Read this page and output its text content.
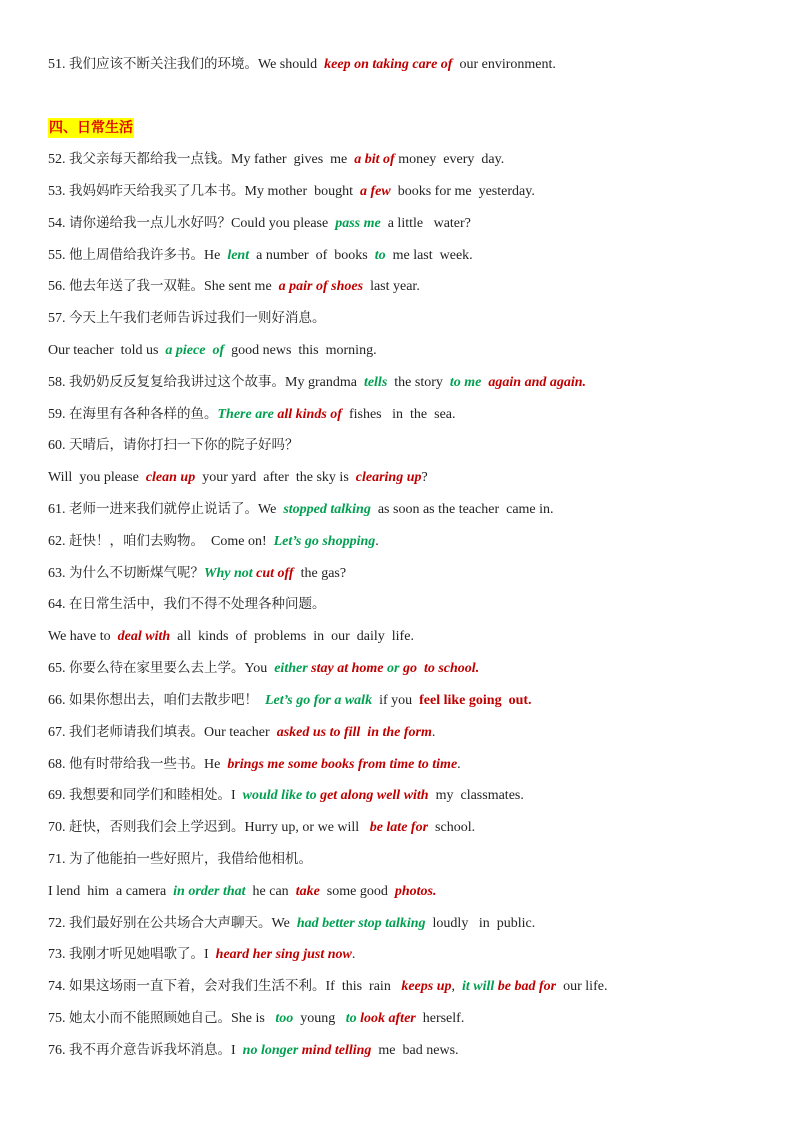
四、日常生活
51. 我们应该不断关注我们的环境。We should  keep on taking care of  our environment.
52. 我父亲每天都给我一点钱。My father  gives  me  a bit of money  every  day.
53. 我妈妈昨天给我买了几本书。My mother  bought  a few  books for me  yesterday.
54. 请你递给我一点儿水好吗？Could you please  pass me  a little   water?
55. 他上周借给我许多书。He  lent  a number  of  books  to  me last  week.
56. 他去年送了我一双鞋。She sent me  a pair of shoes  last year.
57. 今天上午我们老师告诉过我们一则好消息。
Our teacher  told us  a piece  of  good news  this  morning.
58. 我奶奶反反复复给我讲过这个故事。My grandma  tells  the story  to me again and again.
59. 在海里有各种各样的鱼。There are all kinds of  fishes   in  the  sea.
60. 天晴后，请你打扫一下你的院子好吗？
Will  you please  clean up  your yard  after  the sky is  clearing up?
61. 老师一进来我们就停止说话了。We  stopped talking  as soon as the teacher  came in.
62. 赶快！，咱们去购物。  Come on!  Let’s go shopping.
63. 为什么不切断煤气呢？Why not cut off  the gas?
64. 在日常生活中，我们不得不处理各种问题。
We have to  deal with  all  kinds  of  problems  in  our  daily  life.
65. 你要么待在家里要么去上学。You  either stay at home or go  to school.
66. 如果你想出去，咱们去散步吧！ Let’s go for a walk  if you  feel like going  out.
67. 我们老师请我们填表。Our teacher  asked us to fill  in the form.
68. 他有时带给我一些书。He  brings me some books from time to time.
69. 我想要和同学们和睦相处。I  would like to get along well with  my  classmates.
70. 赶快，否则我们会上学迟到。Hurry up, or we will   be late for  school.
71. 为了他能拍一些好照片，我借给他相机。
I lend  him  a camera  in order that  he can  take  some good  photos.
72. 我们最好别在公共场合大声聊天。We  had better stop talking  loudly   in  public.
73. 我刚才听见她唱歌了。I  heard her sing just now.
74. 如果这场雨一直下着，会对我们生活不利。If  this  rain   keeps up,  it will be bad for  our life.
75. 她太小而不能照顾她自己。She is   too  young   to look after  herself.
76. 我不再介意告诉我坏消息。I  no longer mind telling  me  bad news.
